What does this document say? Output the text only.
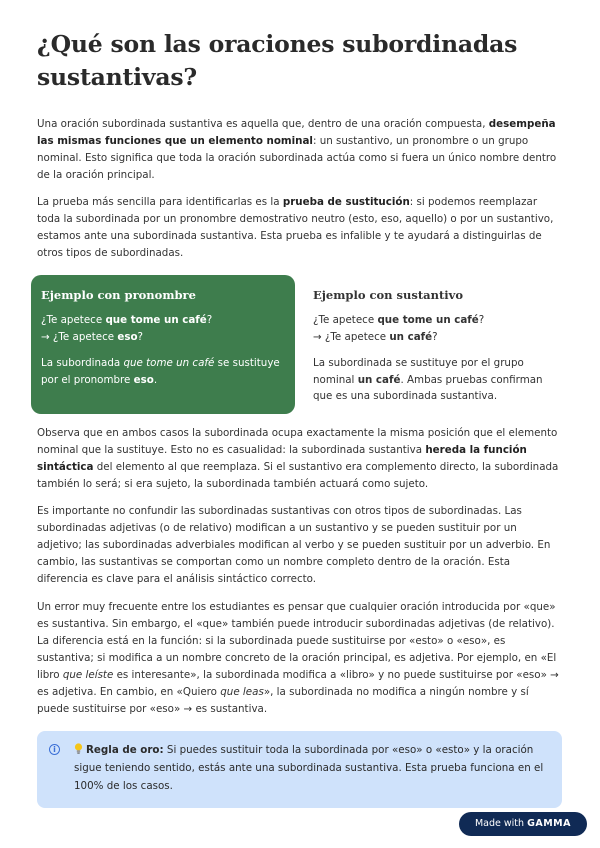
¿Qué son las oraciones subordinadas sustantivas?

Una oración subordinada sustantiva es aquella que, dentro de una oración compuesta, desempeña las mismas funciones que un elemento nominal: un sustantivo, un pronombre o un grupo nominal. Esto significa que toda la oración subordinada actúa como si fuera un único nombre dentro de la oración principal.

La prueba más sencilla para identificarlas es la prueba de sustitución: si podemos reemplazar toda la subordinada por un pronombre demostrativo neutro (esto, eso, aquello) o por un sustantivo, estamos ante una subordinada sustantiva. Esta prueba es infalible y te ayudará a distinguirlas de otros tipos de subordinadas.

Observa que en ambos casos la subordinada ocupa exactamente la misma posición que el elemento nominal que la sustituye. Esto no es casualidad: la subordinada sustantiva hereda la función sintáctica del elemento al que reemplaza. Si el sustantivo era complemento directo, la subordinada también lo será; si era sujeto, la subordinada también actuará como sujeto.

Es importante no confundir las subordinadas sustantivas con otros tipos de subordinadas. Las subordinadas adjetivas (o de relativo) modifican a un sustantivo y se pueden sustituir por un adjetivo; las subordinadas adverbiales modifican al verbo y se pueden sustituir por un adverbio. En cambio, las sustantivas se comportan como un nombre completo dentro de la oración. Esta diferencia es clave para el análisis sintáctico correcto.

Un error muy frecuente entre los estudiantes es pensar que cualquier oración introducida por «que» es sustantiva. Sin embargo, el «que» también puede introducir subordinadas adjetivas (de relativo). La diferencia está en la función: si la subordinada puede sustituirse por «esto» o «eso», es sustantiva; si modifica a un nombre concreto de la oración principal, es adjetiva. Por ejemplo, en «El libro que leíste es interesante», la subordinada modifica a «libro» y no puede sustituirse por «eso» → es adjetiva. En cambio, en «Quiero que leas», la subordinada no modifica a ningún nombre y sí puede sustituirse por «eso» → es sustantiva.

Ejemplo con pronombre

¿Te apetece que tome un café?

→ ¿Te apetece eso?

La subordinada que tome un café se sustituye por el pronombre eso.

Ejemplo con sustantivo

¿Te apetece que tome un café?

→ ¿Te apetece un café?

La subordinada se sustituye por el grupo nominal un café. Ambas pruebas confirman que es una subordinada sustantiva.

i	Regla de oro: Si puedes sustituir toda la subordinada por «eso» o «esto» y la oración sigue teniendo sentido, estás ante una subordinada sustantiva. Esta prueba funciona en el 100% de los casos.
Made with GAMMA
